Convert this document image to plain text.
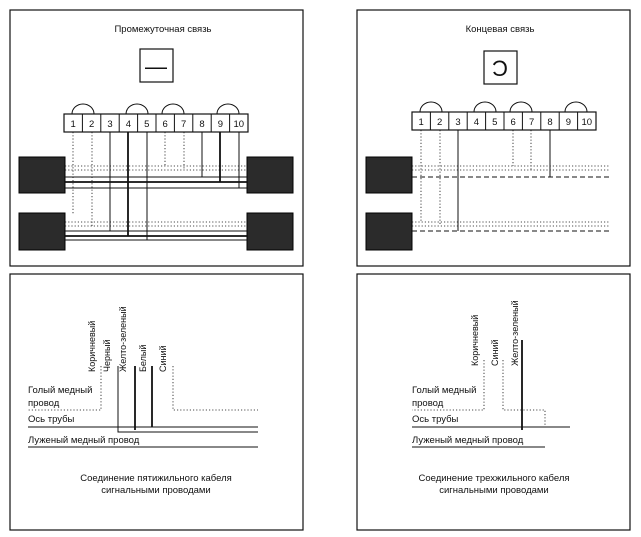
Промежуточная связь
—
1 2 3 4 5 6 7 8 9 10
Концевая связь
Ɔ
1 2 3 4 5 6 7 8 9 10
Коричневый Черный Желто-зеленый Белый Синий
Голый медный провод
Ось трубы
Луженый медный провод
Соединение пятижильного кабеля
сигнальными проводами
Коричневый Синий Желто-зеленый
Голый медный провод
Ось трубы
Луженый медный провод
Соединение трехжильного кабеля
сигнальными проводами
